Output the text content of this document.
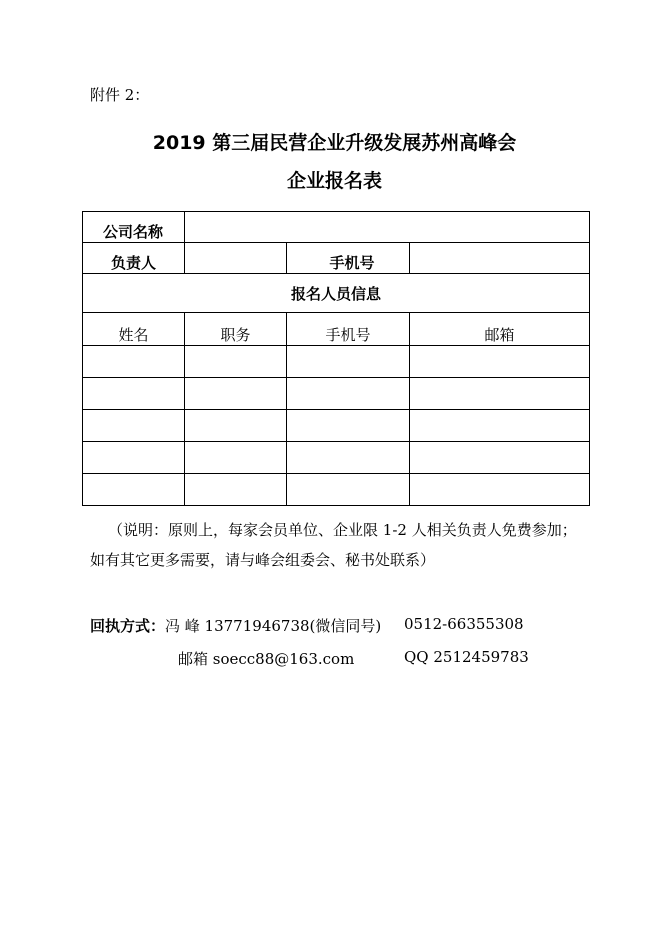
附件 2：
2019 第三届民营企业升级发展苏州高峰会
企业报名表
公司名称			
负责人		手机号	
报名人员信息			
姓名	职务	手机号	邮箱

（说明：原则上，每家会员单位、企业限 1-2 人相关负责人免费参加；
如有其它更多需要，请与峰会组委会、秘书处联系）
回执方式：冯 峰 13771946738(微信同号) 0512-66355308
邮箱 soecc88@163.com	QQ 2512459783
